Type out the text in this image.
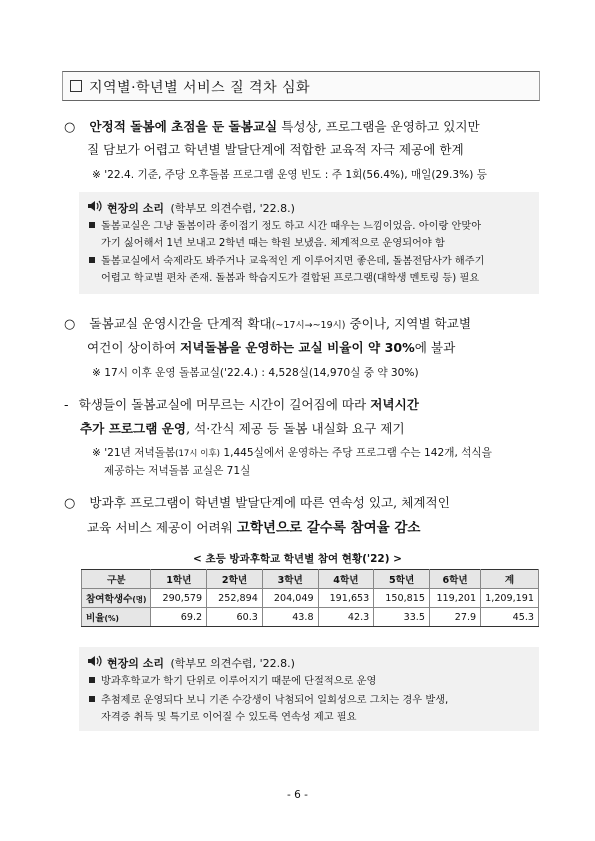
지역별·학년별 서비스 질 격차 심화
○ 안정적 돌봄에 초점을 둔 돌봄교실 특성상, 프로그램을 운영하고 있지만
질 담보가 어렵고 학년별 발달단계에 적합한 교육적 자극 제공에 한계
※ '22.4. 기준, 주당 오후돌봄 프로그램 운영 빈도 : 주 1회(56.4%), 매일(29.3%) 등
현장의 소리 (학부모 의견수렴, '22.8.)
돌봄교실은 그냥 돌봄이라 종이접기 정도 하고 시간 때우는 느낌이었음. 아이랑 안맞아
가기 싫어해서 1년 보내고 2학년 때는 학원 보냈음. 체계적으로 운영되어야 함
돌봄교실에서 숙제라도 봐주거나 교육적인 게 이루어지면 좋은데, 돌봄전담사가 해주기
어렵고 학교별 편차 존재. 돌봄과 학습지도가 결합된 프로그램(대학생 멘토링 등) 필요
○ 돌봄교실 운영시간을 단계적 확대(~17시→~19시) 중이나, 지역별 학교별
여건이 상이하여 저녁돌봄을 운영하는 교실 비율이 약 30%에 불과
※ 17시 이후 운영 돌봄교실('22.4.) : 4,528실(14,970실 중 약 30%)
- 학생들이 돌봄교실에 머무르는 시간이 길어짐에 따라 저녁시간
추가 프로그램 운영, 석·간식 제공 등 돌봄 내실화 요구 제기
※ '21년 저녁돌봄(17시 이후) 1,445실에서 운영하는 주당 프로그램 수는 142개, 석식을
제공하는 저녁돌봄 교실은 71실
○ 방과후 프로그램이 학년별 발달단계에 따른 연속성 있고, 체계적인
교육 서비스 제공이 어려워 고학년으로 갈수록 참여율 감소
< 초등 방과후학교 학년별 참여 현황('22) >
구분	1학년	2학년	3학년	4학년	5학년	6학년	계
참여학생수(명)	290,579	252,894	204,049	191,653	150,815	119,201	1,209,191
비율(%)	69.2	60.3	43.8	42.3	33.5	27.9	45.3
현장의 소리 (학부모 의견수렴, '22.8.)
방과후학교가 학기 단위로 이루어지기 때문에 단절적으로 운영
추첨제로 운영되다 보니 기존 수강생이 낙첨되어 일회성으로 그치는 경우 발생,
자격증 취득 및 특기로 이어질 수 있도록 연속성 제고 필요
- 6 -
